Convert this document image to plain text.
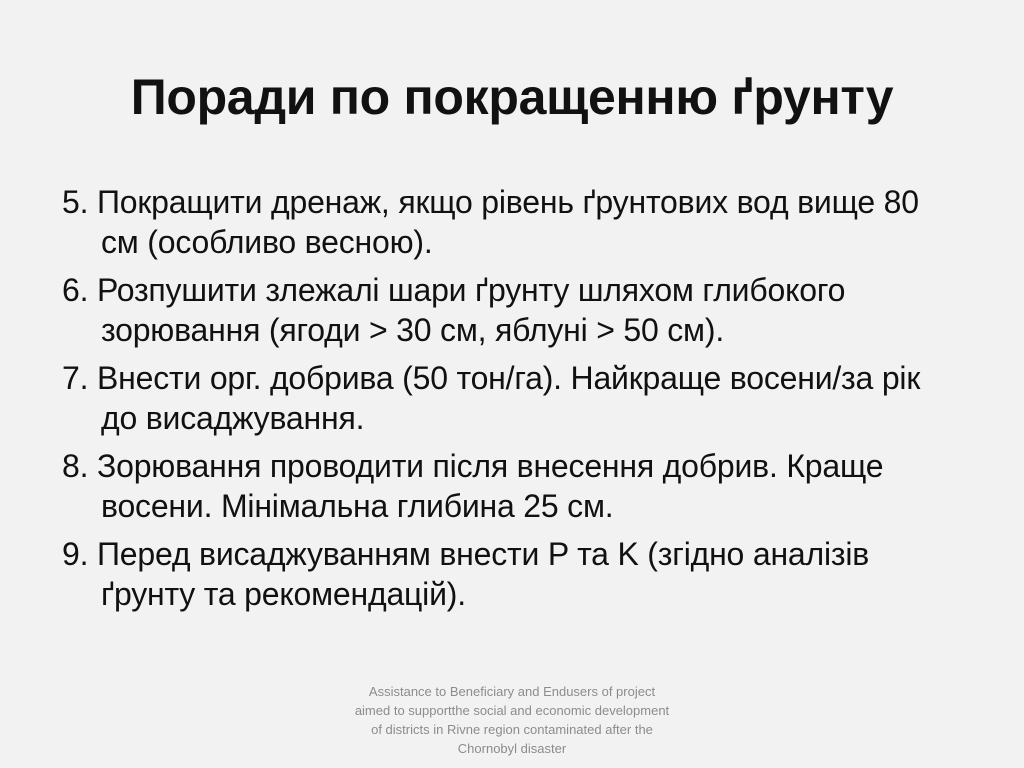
Поради по покращенню ґрунту
5. Покращити дренаж, якщо рівень ґрунтових вод вище 80 см (особливо весною).
6. Розпушити злежалі шари ґрунту шляхом глибокого зорювання (ягоди > 30 см, яблуні > 50 см).
7. Внести орг. добрива (50 тон/га). Найкраще восени/за рік до висаджування.
8. Зорювання проводити після внесення добрив. Краще восени. Мінімальна глибина 25 см.
9. Перед висаджуванням внести P та K (згідно аналізів ґрунту та рекомендацій).
Assistance to Beneficiary and Endusers of project aimed to supportthe social and economic development of districts in Rivne region contaminated after the Chornobyl disaster
